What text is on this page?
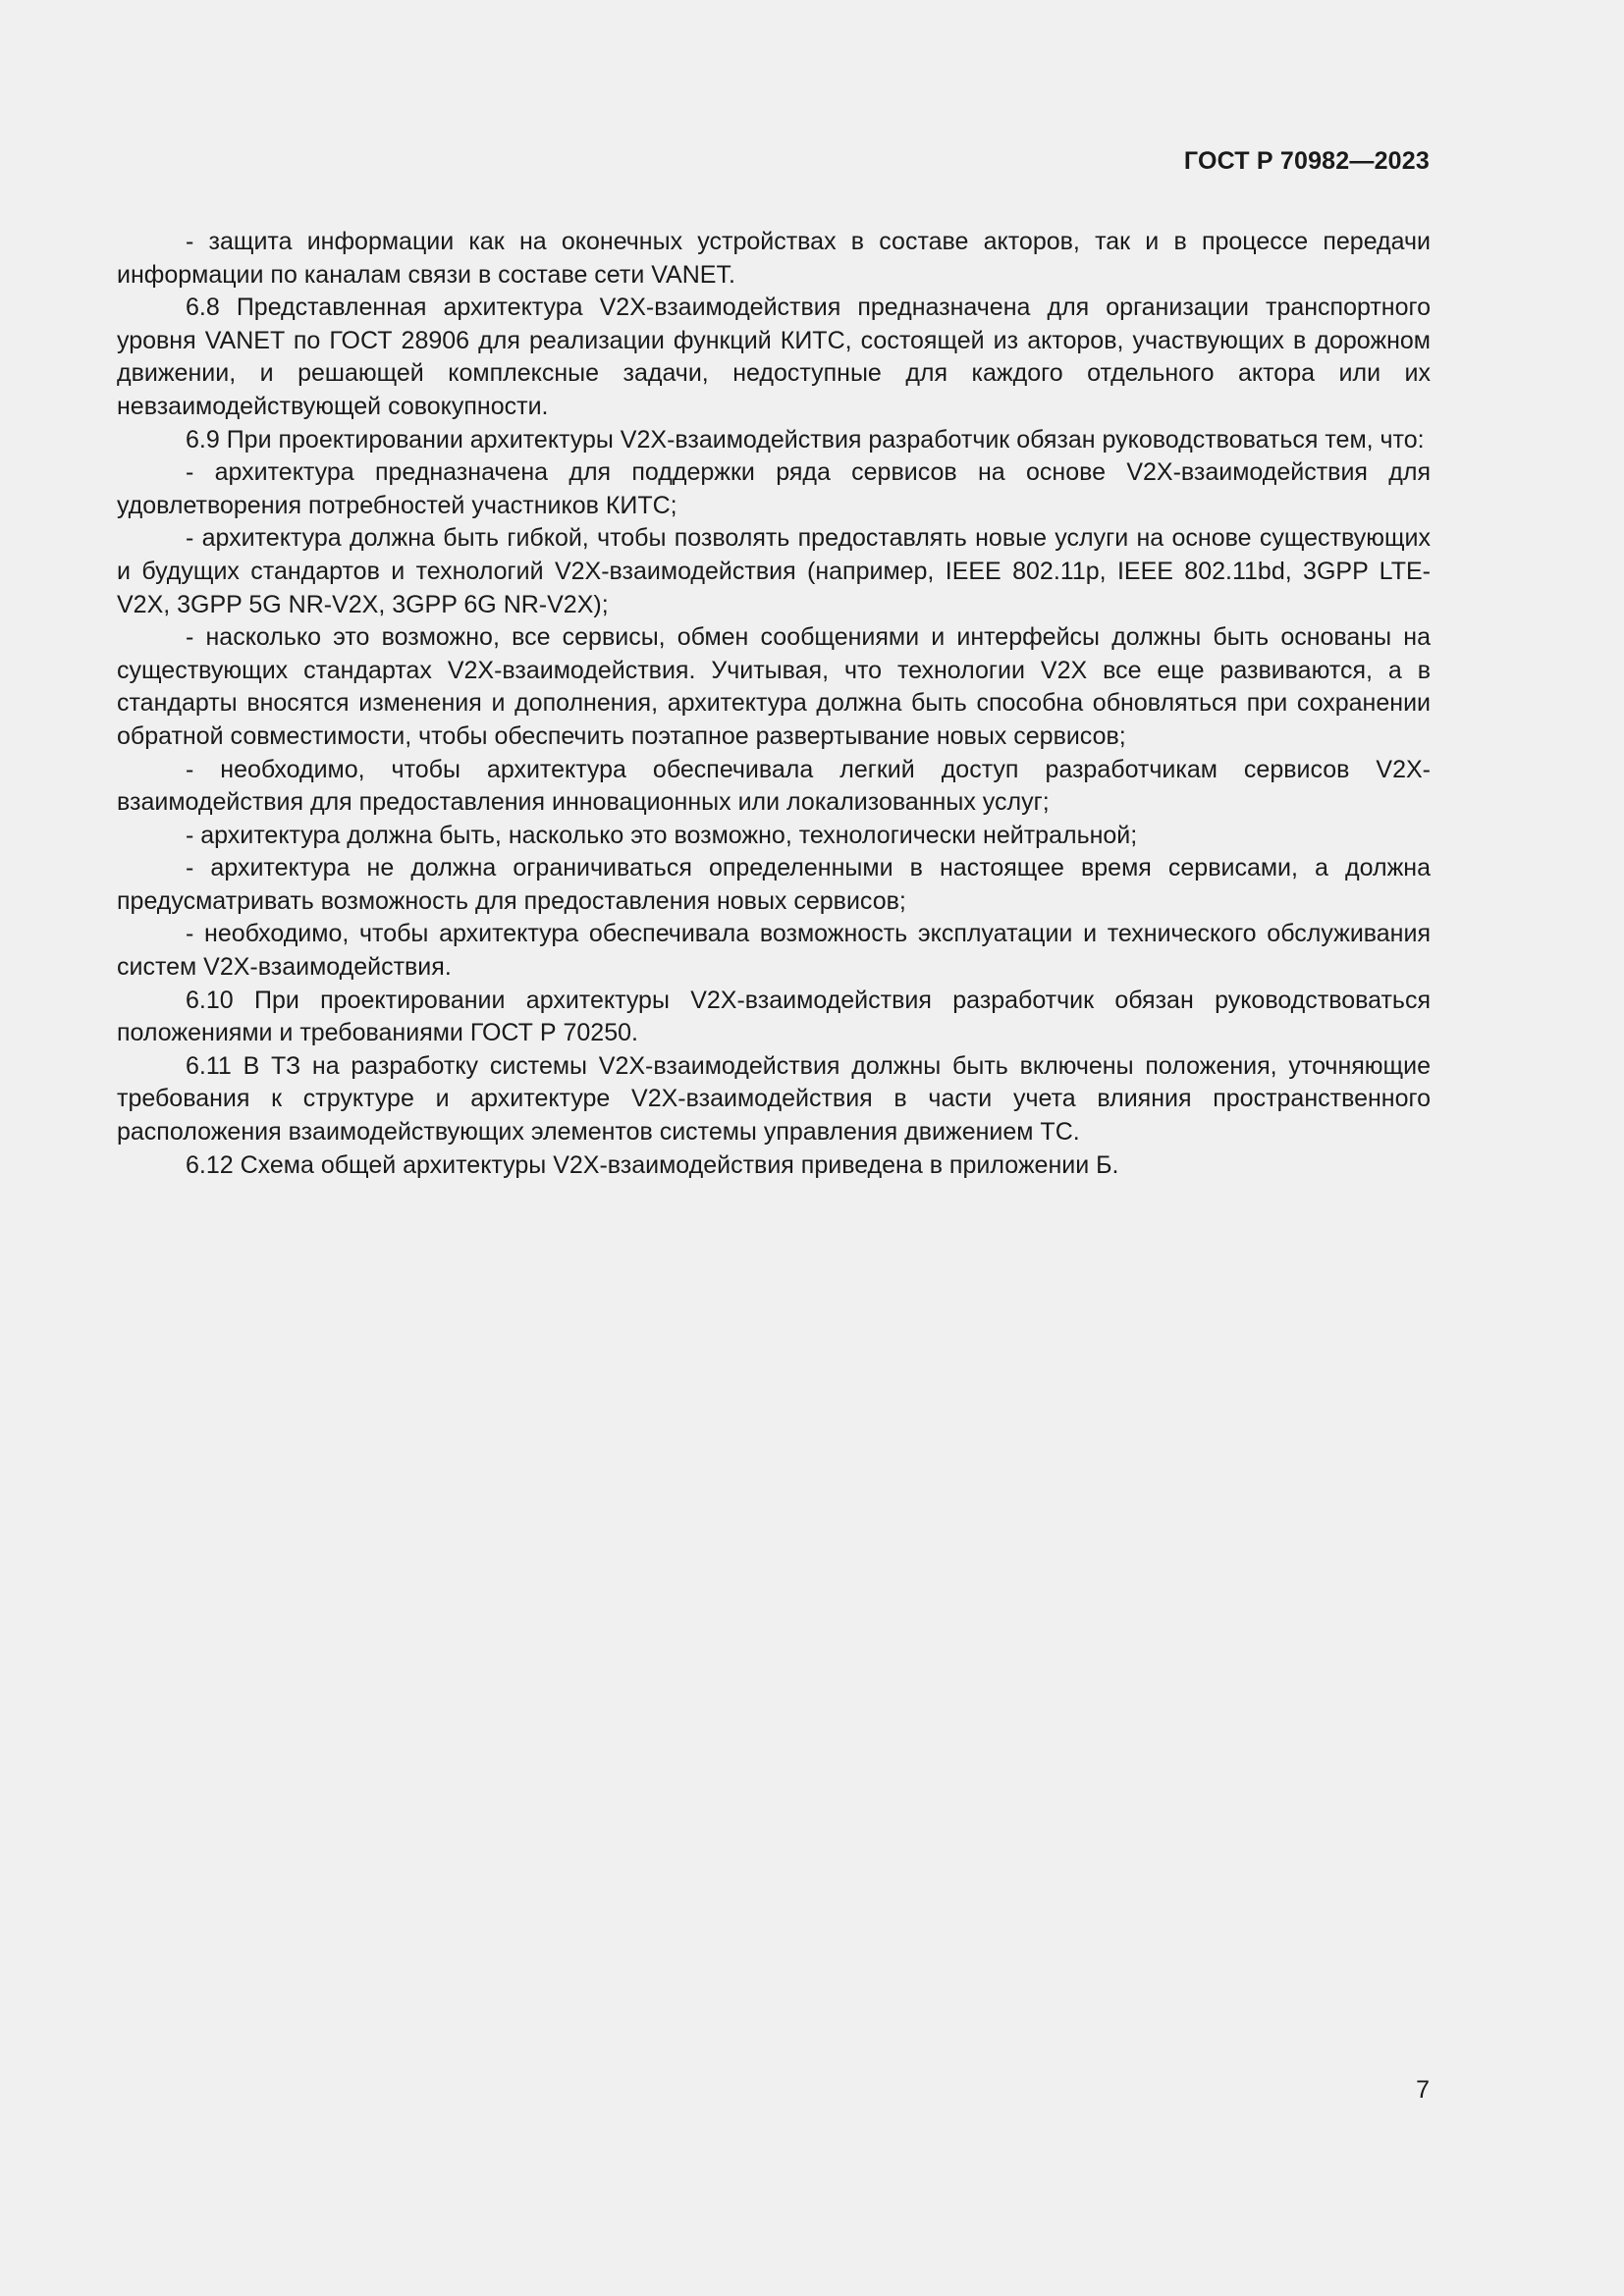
ГОСТ Р 70982—2023

- защита информации как на оконечных устройствах в составе акторов, так и в процессе передачи информации по каналам связи в составе сети VANET.

6.8 Представленная архитектура V2X-взаимодействия предназначена для организации транспортного уровня VANET по ГОСТ 28906 для реализации функций КИТС, состоящей из акторов, участвующих в дорожном движении, и решающей комплексные задачи, недоступные для каждого отдельного актора или их невзаимодействующей совокупности.

6.9 При проектировании архитектуры V2X-взаимодействия разработчик обязан руководствоваться тем, что:

- архитектура предназначена для поддержки ряда сервисов на основе V2X-взаимодействия для удовлетворения потребностей участников КИТС;

- архитектура должна быть гибкой, чтобы позволять предоставлять новые услуги на основе существующих и будущих стандартов и технологий V2X-взаимодействия (например, IEEE 802.11p, IEEE 802.11bd, 3GPP LTE-V2X, 3GPP 5G NR-V2X, 3GPP 6G NR-V2X);

- насколько это возможно, все сервисы, обмен сообщениями и интерфейсы должны быть основаны на существующих стандартах V2X-взаимодействия. Учитывая, что технологии V2X все еще развиваются, а в стандарты вносятся изменения и дополнения, архитектура должна быть способна обновляться при сохранении обратной совместимости, чтобы обеспечить поэтапное развертывание новых сервисов;

- необходимо, чтобы архитектура обеспечивала легкий доступ разработчикам сервисов V2X-взаимодействия для предоставления инновационных или локализованных услуг;

- архитектура должна быть, насколько это возможно, технологически нейтральной;

- архитектура не должна ограничиваться определенными в настоящее время сервисами, а должна предусматривать возможность для предоставления новых сервисов;

- необходимо, чтобы архитектура обеспечивала возможность эксплуатации и технического обслуживания систем V2X-взаимодействия.

6.10 При проектировании архитектуры V2X-взаимодействия разработчик обязан руководствоваться положениями и требованиями ГОСТ Р 70250.

6.11 В ТЗ на разработку системы V2X-взаимодействия должны быть включены положения, уточняющие требования к структуре и архитектуре V2X-взаимодействия в части учета влияния пространственного расположения взаимодействующих элементов системы управления движением ТС.

6.12 Схема общей архитектуры V2X-взаимодействия приведена в приложении Б.

7
